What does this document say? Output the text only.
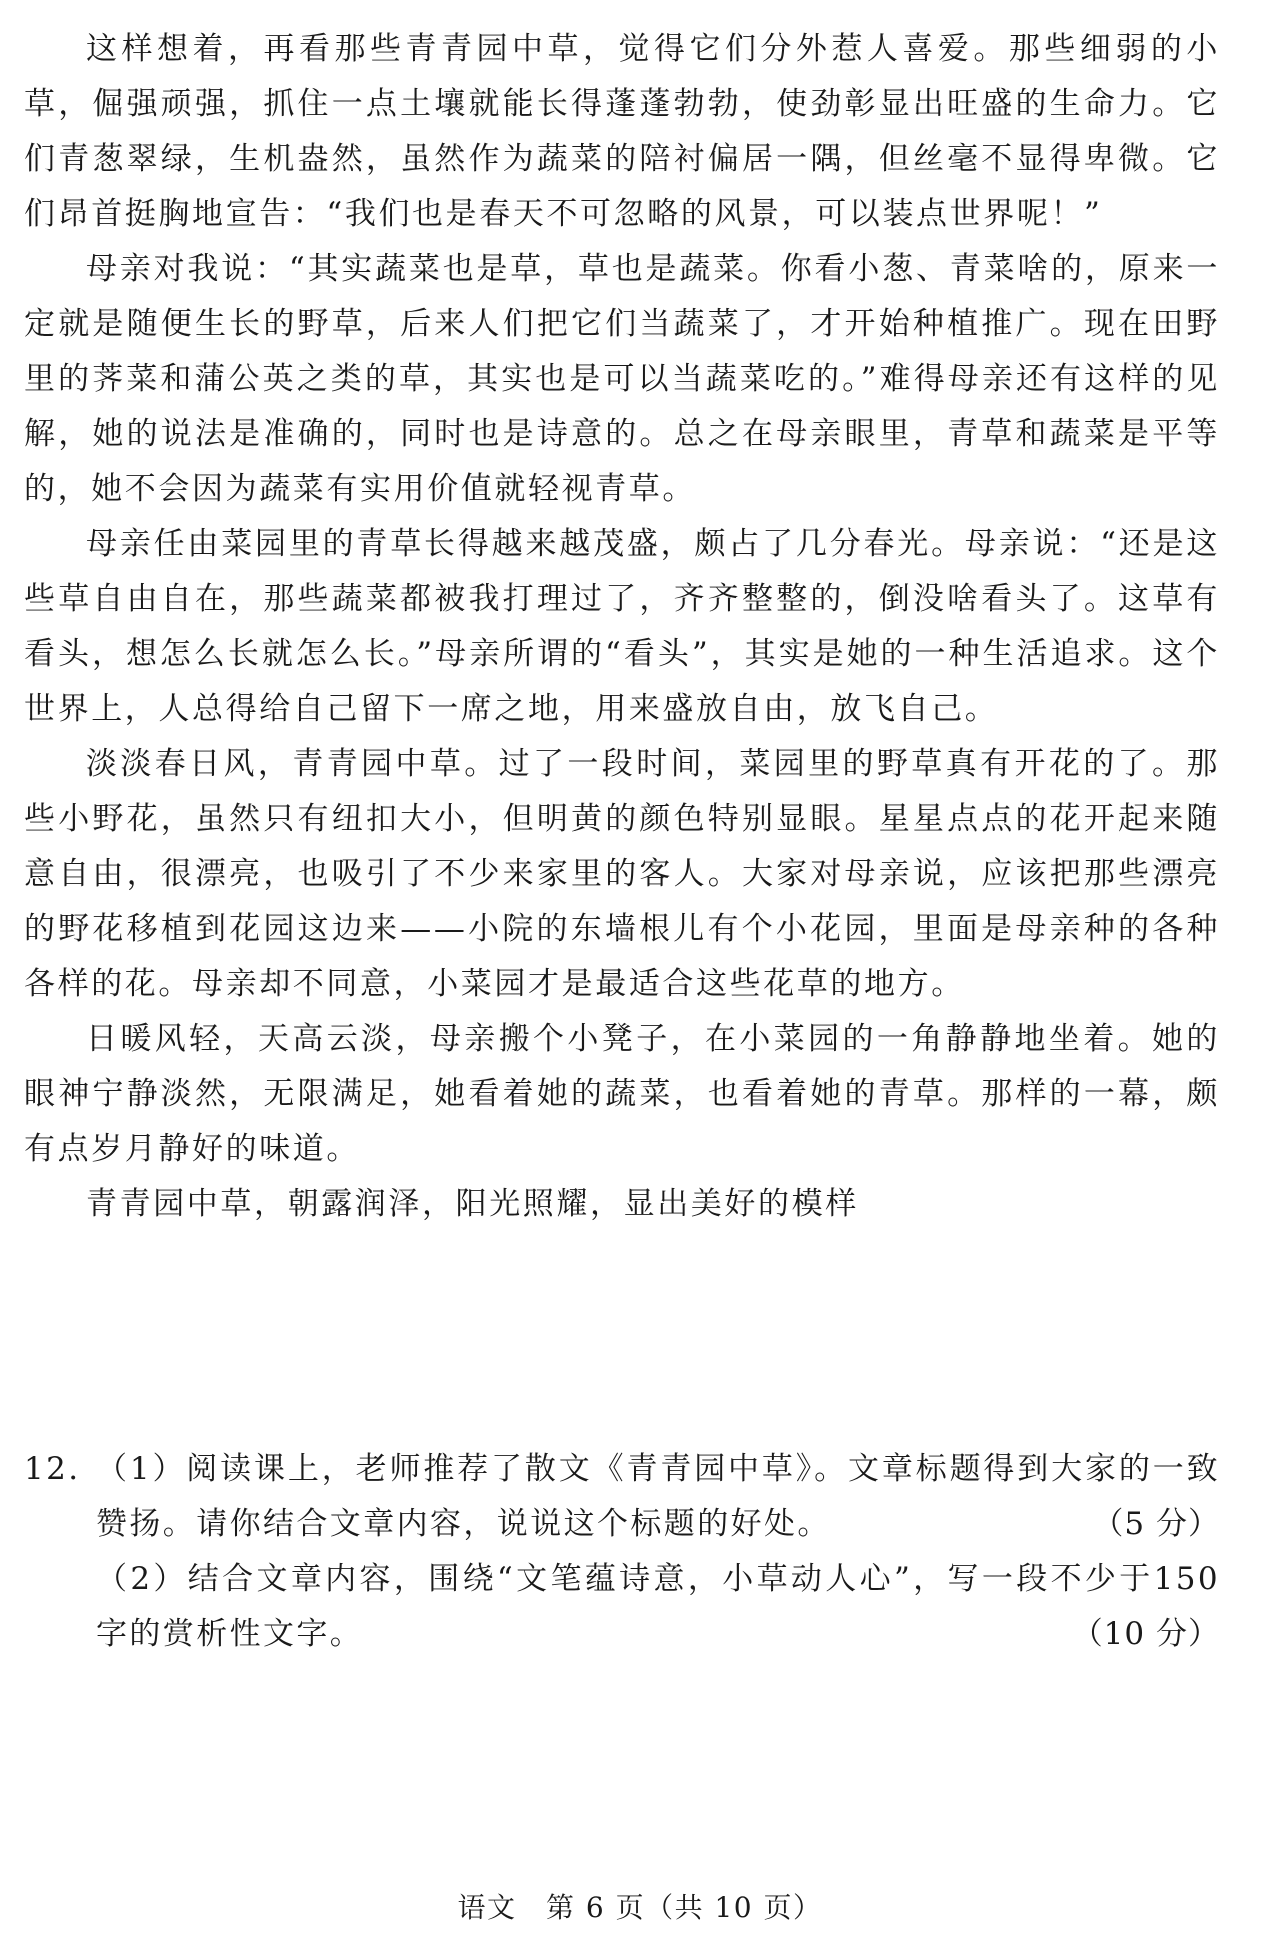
这样想着，再看那些青青园中草，觉得它们分外惹人喜爱。那些细弱的小草，倔强顽强，抓住一点土壤就能长得蓬蓬勃勃，使劲彰显出旺盛的生命力。它们青葱翠绿，生机盎然，虽然作为蔬菜的陪衬偏居一隅，但丝毫不显得卑微。它们昂首挺胸地宣告：“我们也是春天不可忽略的风景，可以装点世界呢！”

母亲对我说：“其实蔬菜也是草，草也是蔬菜。你看小葱、青菜啥的，原来一定就是随便生长的野草，后来人们把它们当蔬菜了，才开始种植推广。现在田野里的荠菜和蒲公英之类的草，其实也是可以当蔬菜吃的。”难得母亲还有这样的见解，她的说法是准确的，同时也是诗意的。总之在母亲眼里，青草和蔬菜是平等的，她不会因为蔬菜有实用价值就轻视青草。

母亲任由菜园里的青草长得越来越茂盛，颇占了几分春光。母亲说：“还是这些草自由自在，那些蔬菜都被我打理过了，齐齐整整的，倒没啥看头了。这草有看头，想怎么长就怎么长。”母亲所谓的“看头”，其实是她的一种生活追求。这个世界上，人总得给自己留下一席之地，用来盛放自由，放飞自己。

淡淡春日风，青青园中草。过了一段时间，菜园里的野草真有开花的了。那些小野花，虽然只有纽扣大小，但明黄的颜色特别显眼。星星点点的花开起来随意自由，很漂亮，也吸引了不少来家里的客人。大家对母亲说，应该把那些漂亮的野花移植到花园这边来——小院的东墙根儿有个小花园，里面是母亲种的各种各样的花。母亲却不同意，小菜园才是最适合这些花草的地方。

日暖风轻，天高云淡，母亲搬个小凳子，在小菜园的一角静静地坐着。她的眼神宁静淡然，无限满足，她看着她的蔬菜，也看着她的青草。那样的一幕，颇有点岁月静好的味道。

青青园中草，朝露润泽，阳光照耀，显出美好的模样

12. （1）阅读课上，老师推荐了散文《青青园中草》。文章标题得到大家的一致赞扬。请你结合文章内容，说说这个标题的好处。	（5 分）
（2）结合文章内容，围绕“文笔蕴诗意，小草动人心”，写一段不少于150 字的赏析性文字。	（10 分）
语文　第 6 页（共 10 页）
